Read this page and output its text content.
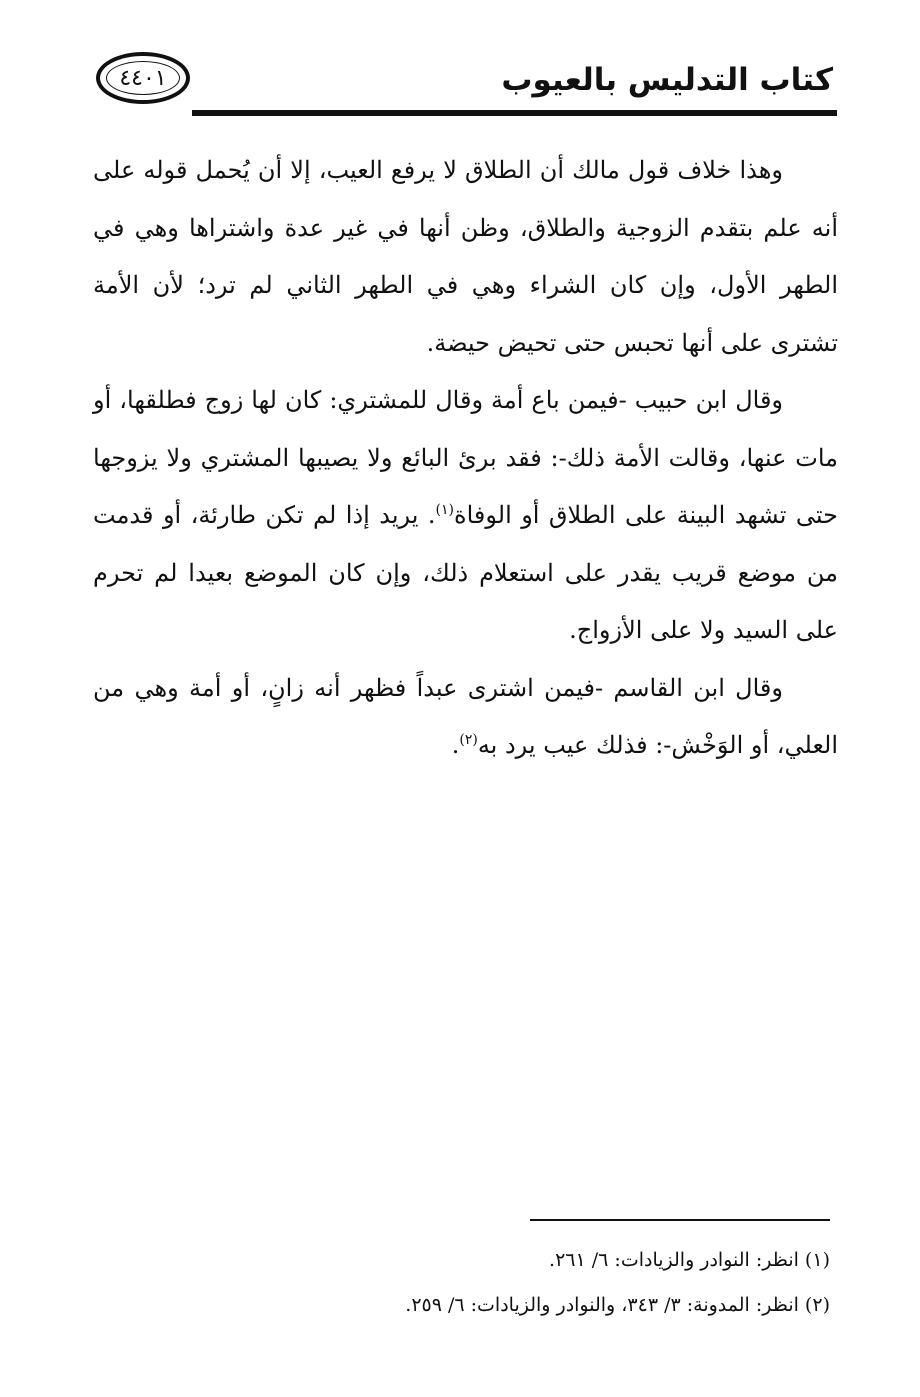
كتاب التدليس بالعيوب
٤٤٠١

وهذا خلاف قول مالك أن الطلاق لا يرفع العيب، إلا أن يُحمل قوله على أنه علم بتقدم الزوجية والطلاق، وظن أنها في غير عدة واشتراها وهي في الطهر الأول، وإن كان الشراء وهي في الطهر الثاني لم ترد؛ لأن الأمة تشترى على أنها تحبس حتى تحيض حيضة.

وقال ابن حبيب -فيمن باع أمة وقال للمشتري: كان لها زوج فطلقها، أو مات عنها، وقالت الأمة ذلك-: فقد برئ البائع ولا يصيبها المشتري ولا يزوجها حتى تشهد البينة على الطلاق أو الوفاة$^{(١)}$. يريد إذا لم تكن طارئة، أو قدمت من موضع قريب يقدر على استعلام ذلك، وإن كان الموضع بعيدا لم تحرم على السيد ولا على الأزواج.

وقال ابن القاسم -فيمن اشترى عبداً فظهر أنه زانٍ، أو أمة وهي من العلي، أو الوَخْش-: فذلك عيب يرد به$^{(٢)}$.

(١) انظر: النوادر والزيادات: ٦/ ٢٦١.

(٢) انظر: المدونة: ٣/ ٣٤٣، والنوادر والزيادات: ٦/ ٢٥٩.
